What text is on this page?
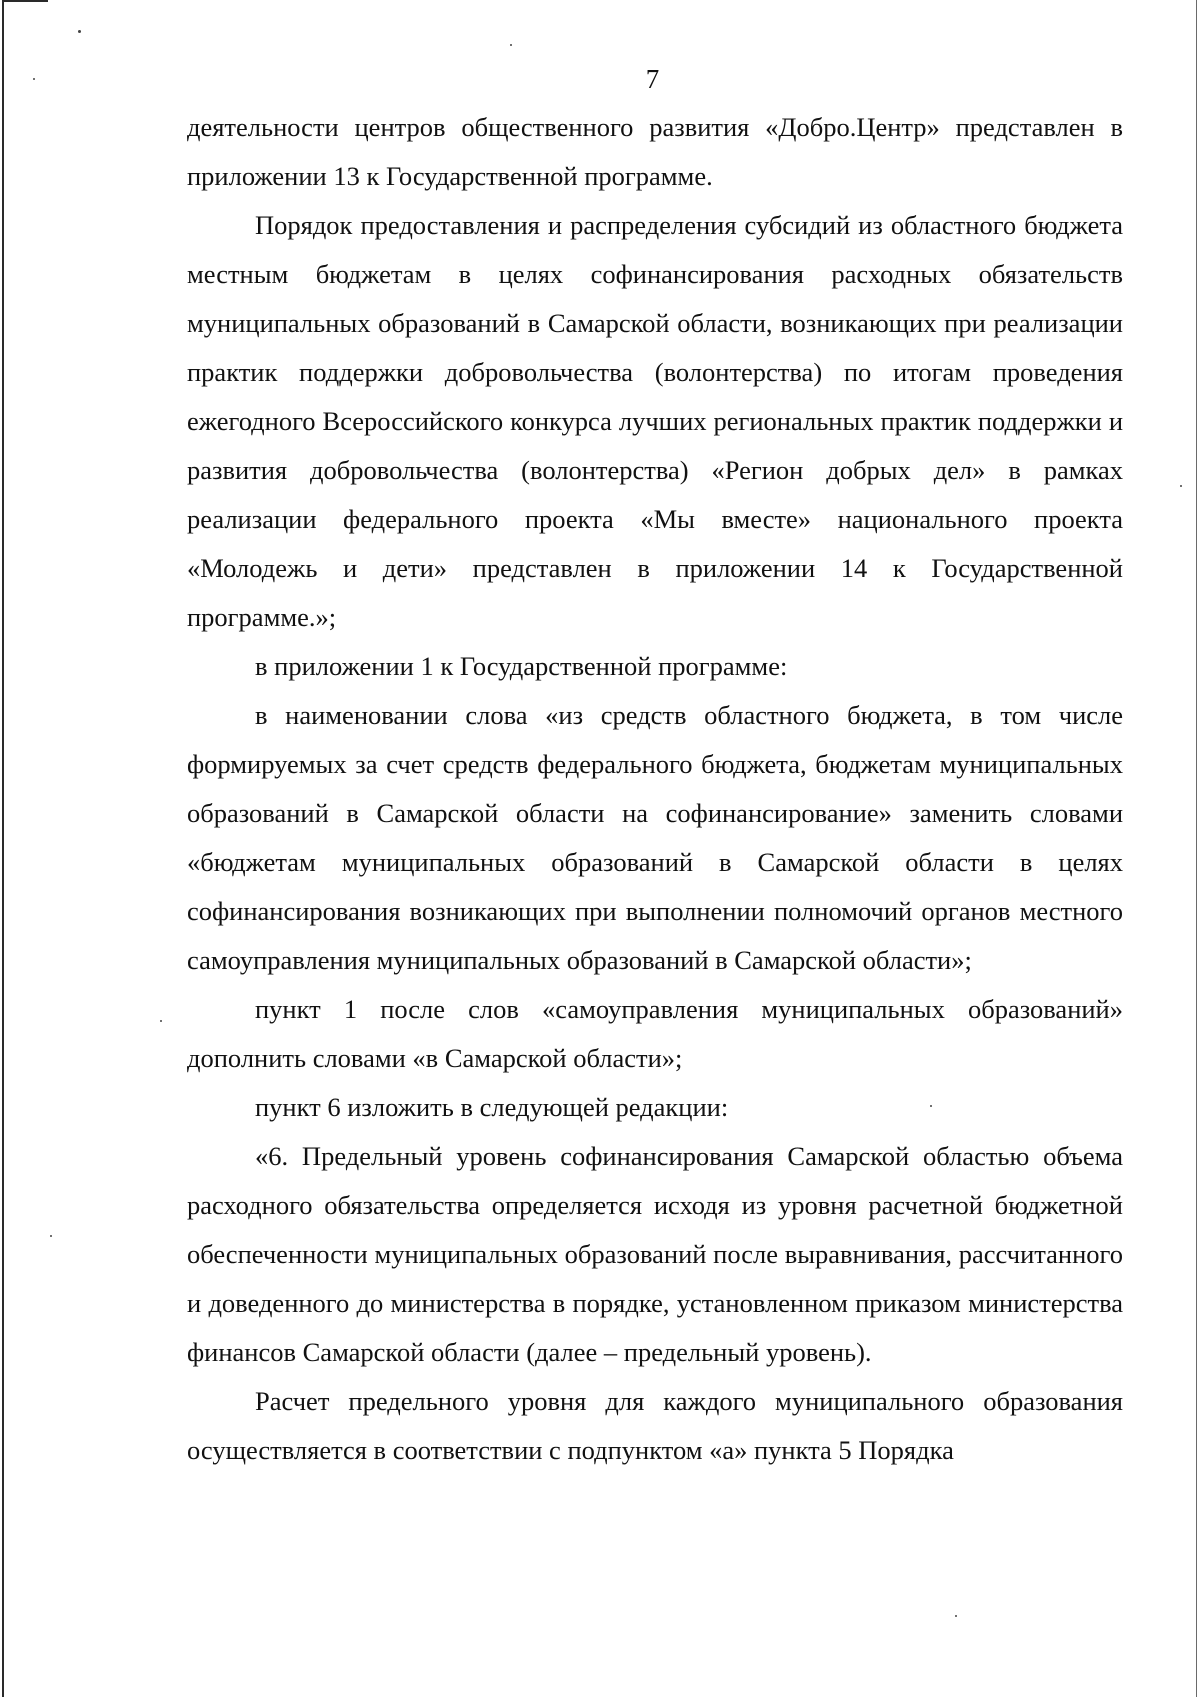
7

деятельности центров общественного развития «Добро.Центр» представлен в приложении 13 к Государственной программе.

Порядок предоставления и распределения субсидий из областного бюджета местным бюджетам в целях софинансирования расходных обязательств муниципальных образований в Самарской области, возникающих при реализации практик поддержки добровольчества (волонтерства) по итогам проведения ежегодного Всероссийского конкурса лучших региональных практик поддержки и развития добровольчества (волонтерства) «Регион добрых дел» в рамках реализации федерального проекта «Мы вместе» национального проекта «Молодежь и дети» представлен в приложении 14 к Государственной программе.»;

в приложении 1 к Государственной программе:

в наименовании слова «из средств областного бюджета, в том числе формируемых за счет средств федерального бюджета, бюджетам муниципальных образований в Самарской области на софинансирование» заменить словами «бюджетам муниципальных образований в Самарской области в целях софинансирования возникающих при выполнении полномочий органов местного самоуправления муниципальных образований в Самарской области»;

пункт 1 после слов «самоуправления муниципальных образований» дополнить словами «в Самарской области»;

пункт 6 изложить в следующей редакции:

«6. Предельный уровень софинансирования Самарской областью объема расходного обязательства определяется исходя из уровня расчетной бюджетной обеспеченности муниципальных образований после выравнивания, рассчитанного и доведенного до министерства в порядке, установленном приказом министерства финансов Самарской области (далее – предельный уровень).

Расчет предельного уровня для каждого муниципального образования осуществляется в соответствии с подпунктом «а» пункта 5 Порядка
